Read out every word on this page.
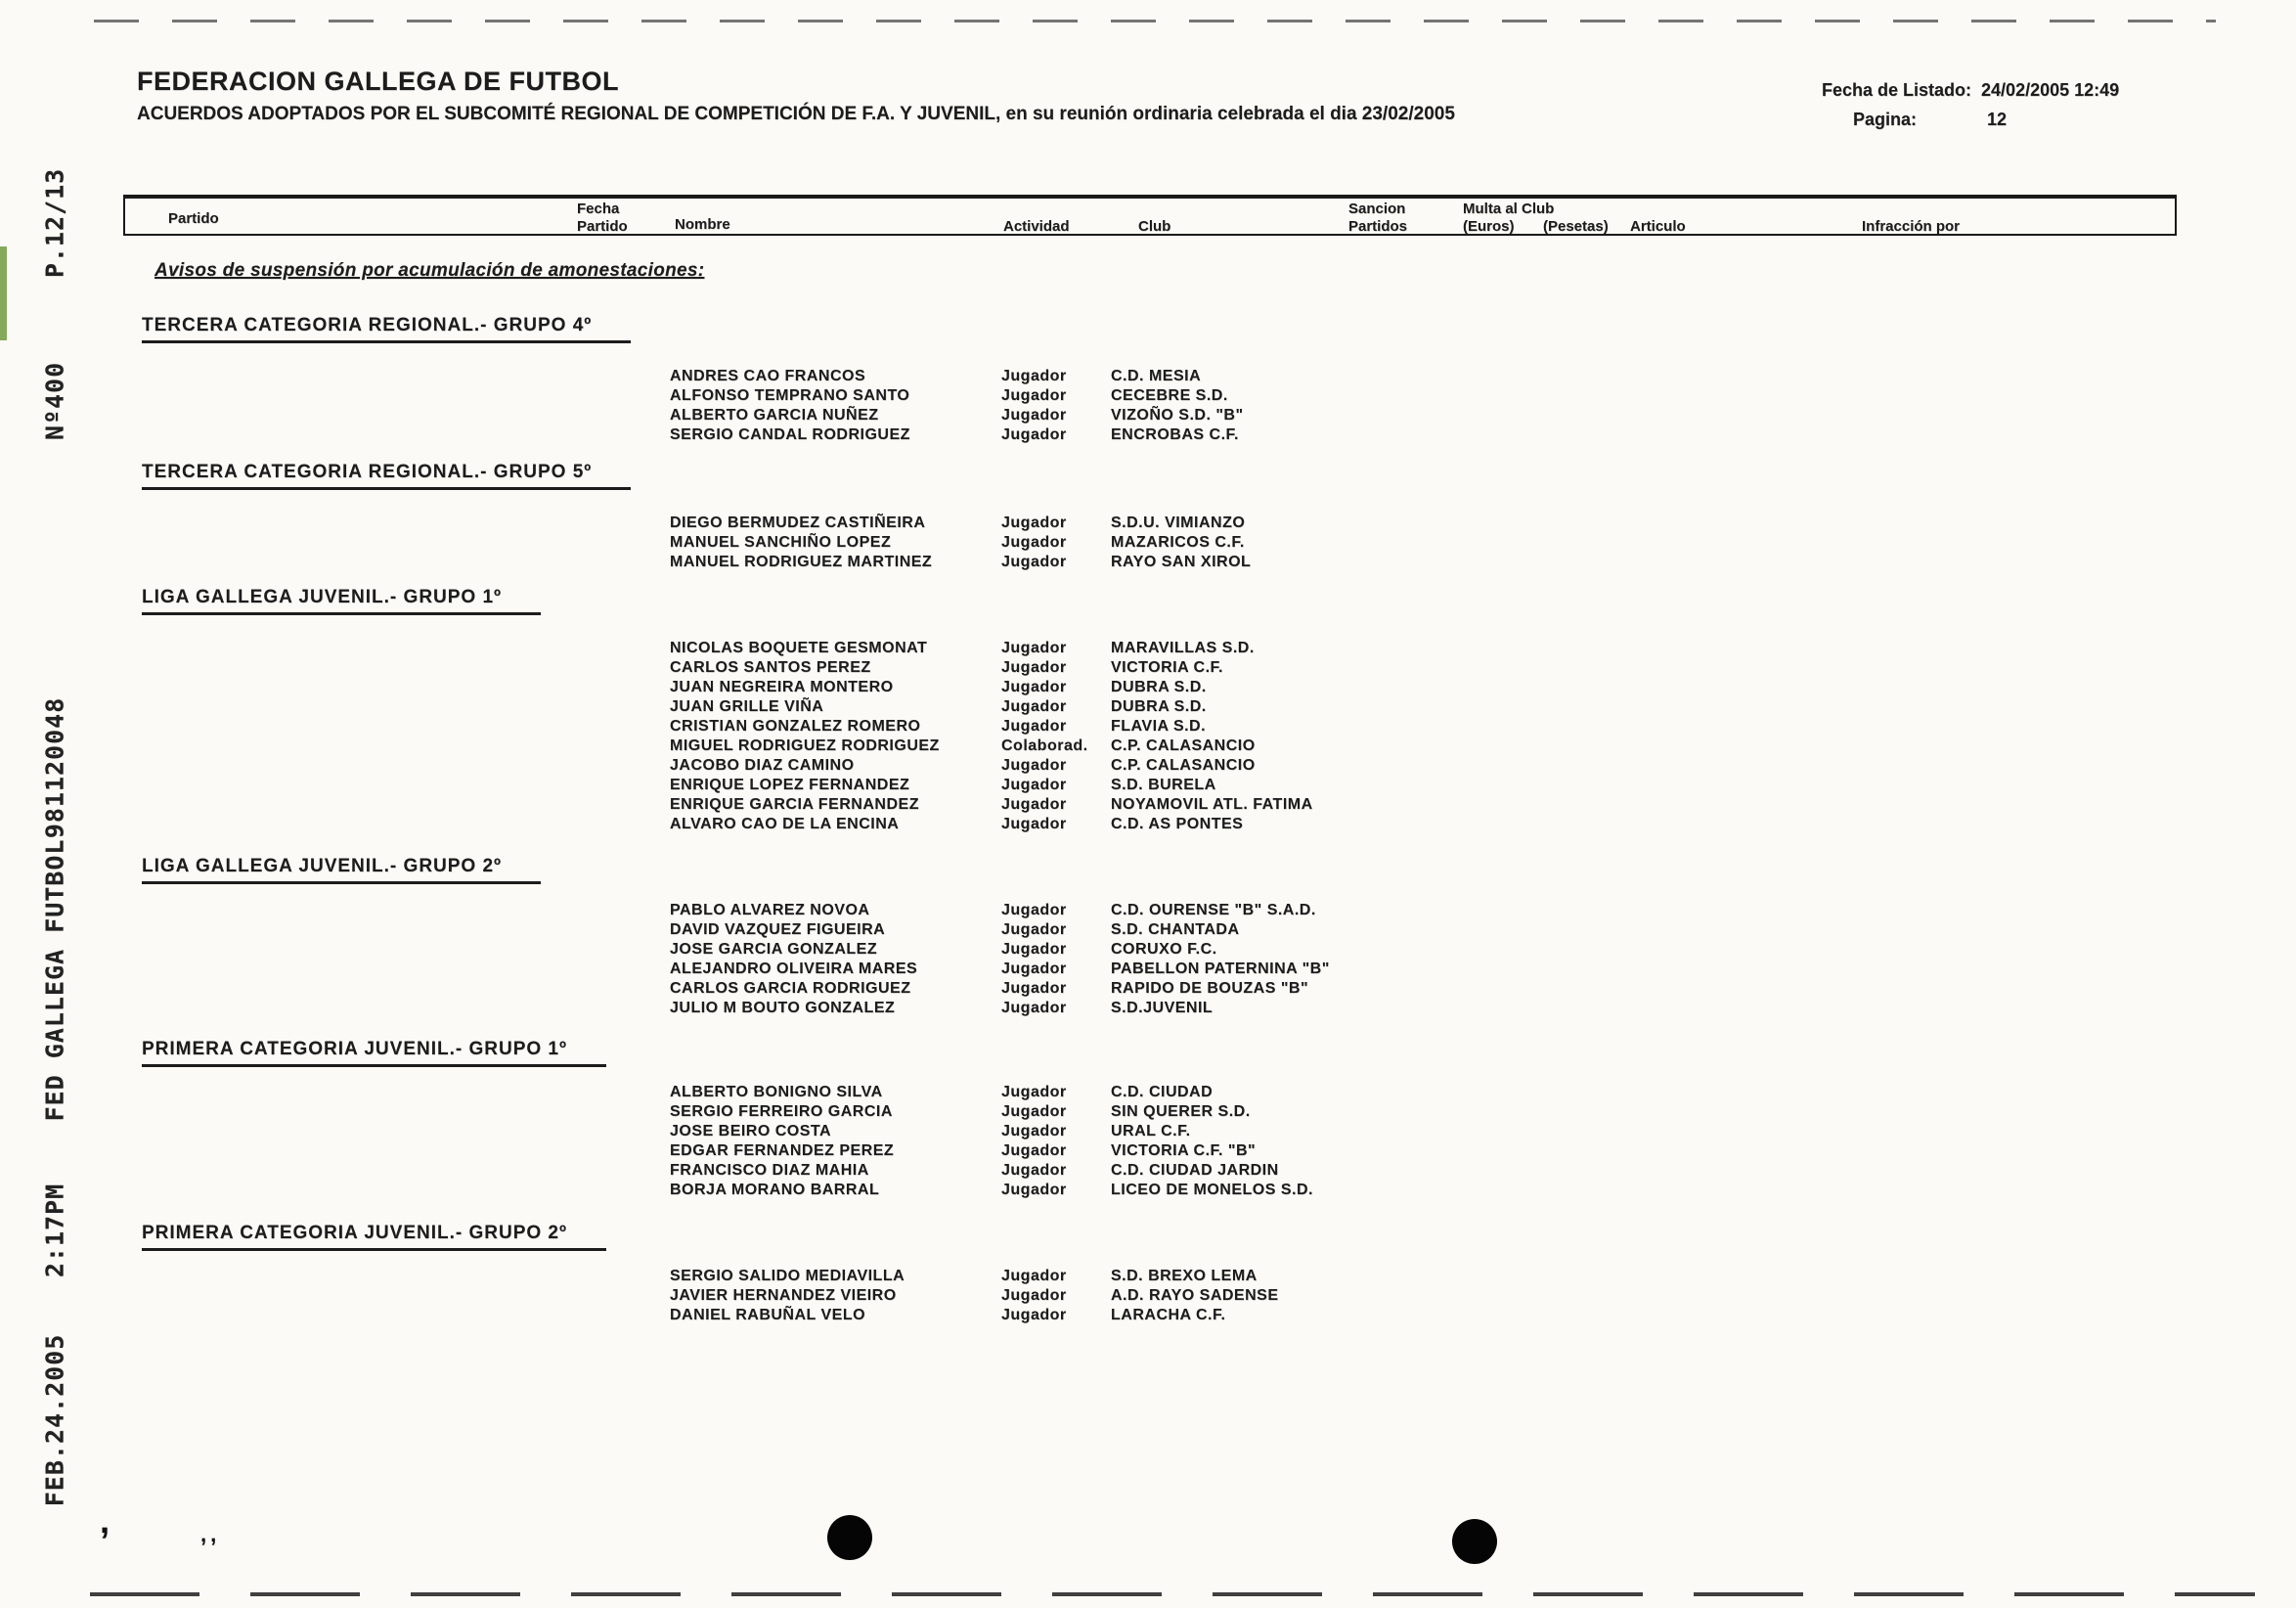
,	,,
P.12/13
Nº400
981120048
FED GALLEGA FUTBOL
2:17PM
FEB.24.2005
FEDERACION GALLEGA DE FUTBOL
ACUERDOS ADOPTADOS POR EL SUBCOMITÉ REGIONAL DE COMPETICIÓN DE F.A. Y JUVENIL, en su reunión ordinaria celebrada el dia 23/02/2005
Fecha de Listado: 24/02/2005 12:49
Pagina:	12
Partido
Fecha
Partido	Nombre	Actividad	Club
Sancion
Partidos
Multa al Club
(Euros) (Pesetas) Articulo	Infracción por
Avisos de suspensión por acumulación de amonestaciones:
TERCERA CATEGORIA REGIONAL.- GRUPO 4º
ANDRES CAO FRANCOS	Jugador	C.D. MESIA
ALFONSO TEMPRANO SANTO	Jugador	CECEBRE S.D.
ALBERTO GARCIA NUÑEZ	Jugador	VIZOÑO S.D. "B"
SERGIO CANDAL RODRIGUEZ	Jugador	ENCROBAS C.F.
TERCERA CATEGORIA REGIONAL.- GRUPO 5º
DIEGO BERMUDEZ CASTIÑEIRA	Jugador	S.D.U. VIMIANZO
MANUEL SANCHIÑO LOPEZ	Jugador	MAZARICOS C.F.
MANUEL RODRIGUEZ MARTINEZ	Jugador	RAYO SAN XIROL
LIGA GALLEGA JUVENIL.- GRUPO 1º
NICOLAS BOQUETE GESMONAT	Jugador	MARAVILLAS S.D.
CARLOS SANTOS PEREZ	Jugador	VICTORIA C.F.
JUAN NEGREIRA MONTERO	Jugador	DUBRA S.D.
JUAN GRILLE VIÑA	Jugador	DUBRA S.D.
CRISTIAN GONZALEZ ROMERO	Jugador	FLAVIA S.D.
MIGUEL RODRIGUEZ RODRIGUEZ	Colaborad. C.P. CALASANCIO
JACOBO DIAZ CAMINO	Jugador	C.P. CALASANCIO
ENRIQUE LOPEZ FERNANDEZ	Jugador	S.D. BURELA
ENRIQUE GARCIA FERNANDEZ	Jugador	NOYAMOVIL ATL. FATIMA
ALVARO CAO DE LA ENCINA	Jugador	C.D. AS PONTES
LIGA GALLEGA JUVENIL.- GRUPO 2º
PABLO ALVAREZ NOVOA	Jugador	C.D. OURENSE "B" S.A.D.
DAVID VAZQUEZ FIGUEIRA	Jugador	S.D. CHANTADA
JOSE GARCIA GONZALEZ	Jugador	CORUXO F.C.
ALEJANDRO OLIVEIRA MARES	Jugador	PABELLON PATERNINA "B"
CARLOS GARCIA RODRIGUEZ	Jugador	RAPIDO DE BOUZAS "B"
JULIO M BOUTO GONZALEZ	Jugador	S.D.JUVENIL
PRIMERA CATEGORIA JUVENIL.- GRUPO 1º
ALBERTO BONIGNO SILVA	Jugador	C.D. CIUDAD
SERGIO FERREIRO GARCIA	Jugador	SIN QUERER S.D.
JOSE BEIRO COSTA	Jugador	URAL C.F.
EDGAR FERNANDEZ PEREZ	Jugador	VICTORIA C.F. "B"
FRANCISCO DIAZ MAHIA	Jugador	C.D. CIUDAD JARDIN
BORJA MORANO BARRAL	Jugador	LICEO DE MONELOS S.D.
PRIMERA CATEGORIA JUVENIL.- GRUPO 2º
SERGIO SALIDO MEDIAVILLA	Jugador	S.D. BREXO LEMA
JAVIER HERNANDEZ VIEIRO	Jugador	A.D. RAYO SADENSE
DANIEL RABUÑAL VELO	Jugador	LARACHA C.F.
